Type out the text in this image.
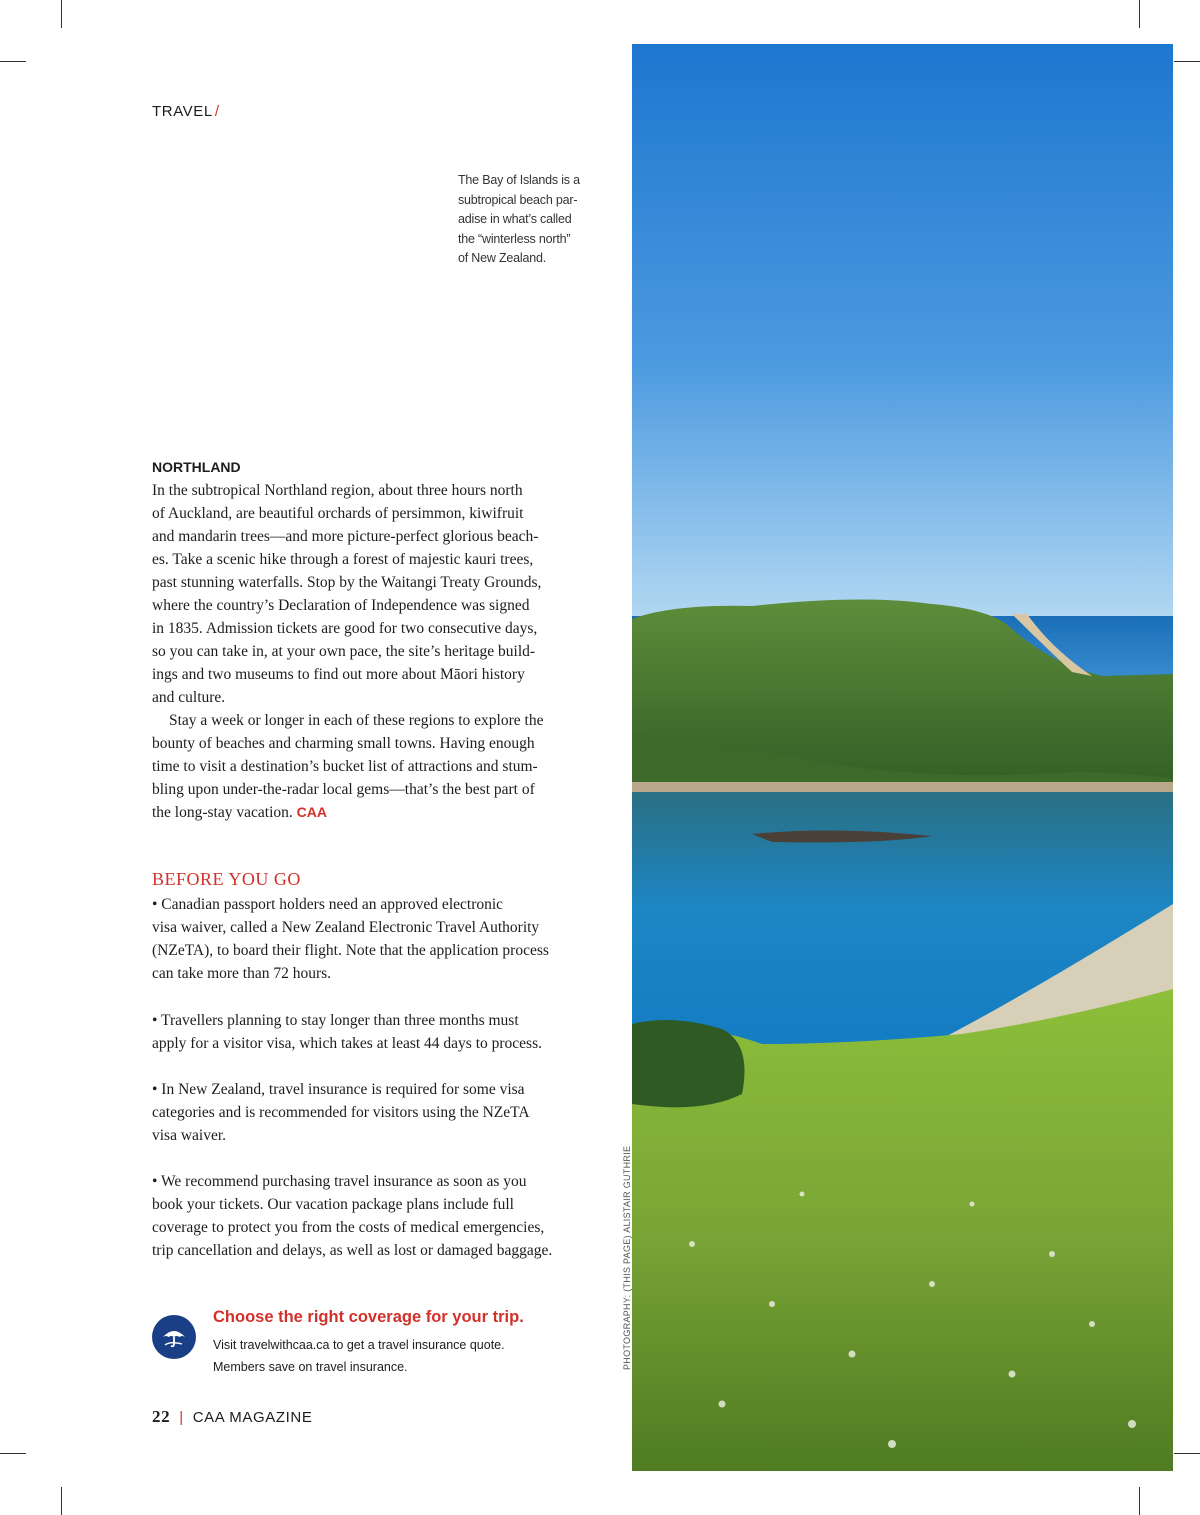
TRAVEL /
The Bay of Islands is a
subtropical beach par-
adise in what’s called
the “winterless north”
of New Zealand.
NORTHLAND
In the subtropical Northland region, about three hours north
of Auckland, are beautiful orchards of persimmon, kiwifruit
and mandarin trees—and more picture-perfect glorious beach-
es. Take a scenic hike through a forest of majestic kauri trees,
past stunning waterfalls. Stop by the Waitangi Treaty Grounds,
where the country’s Declaration of Independence was signed
in 1835. Admission tickets are good for two consecutive days,
so you can take in, at your own pace, the site’s heritage build-
ings and two museums to find out more about Māori history
and culture.
Stay a week or longer in each of these regions to explore the
bounty of beaches and charming small towns. Having enough
time to visit a destination’s bucket list of attractions and stum-
bling upon under-the-radar local gems—that’s the best part of
the long-stay vacation. CAA
BEFORE YOU GO
• Canadian passport holders need an approved electronic
visa waiver, called a New Zealand Electronic Travel Authority
(NZeTA), to board their flight. Note that the application process
can take more than 72 hours.
• Travellers planning to stay longer than three months must
apply for a visitor visa, which takes at least 44 days to process.
• In New Zealand, travel insurance is required for some visa
categories and is recommended for visitors using the NZeTA
visa waiver.
• We recommend purchasing travel insurance as soon as you
book your tickets. Our vacation package plans include full
coverage to protect you from the costs of medical emergencies,
trip cancellation and delays, as well as lost or damaged baggage.
Choose the right coverage for your trip.
Visit travelwithcaa.ca to get a travel insurance quote.
Members save on travel insurance.	PHOTOGRAPHY: (THIS PAGE) ALISTAIR GUTHRIE
22 | CAA MAGAZINE
